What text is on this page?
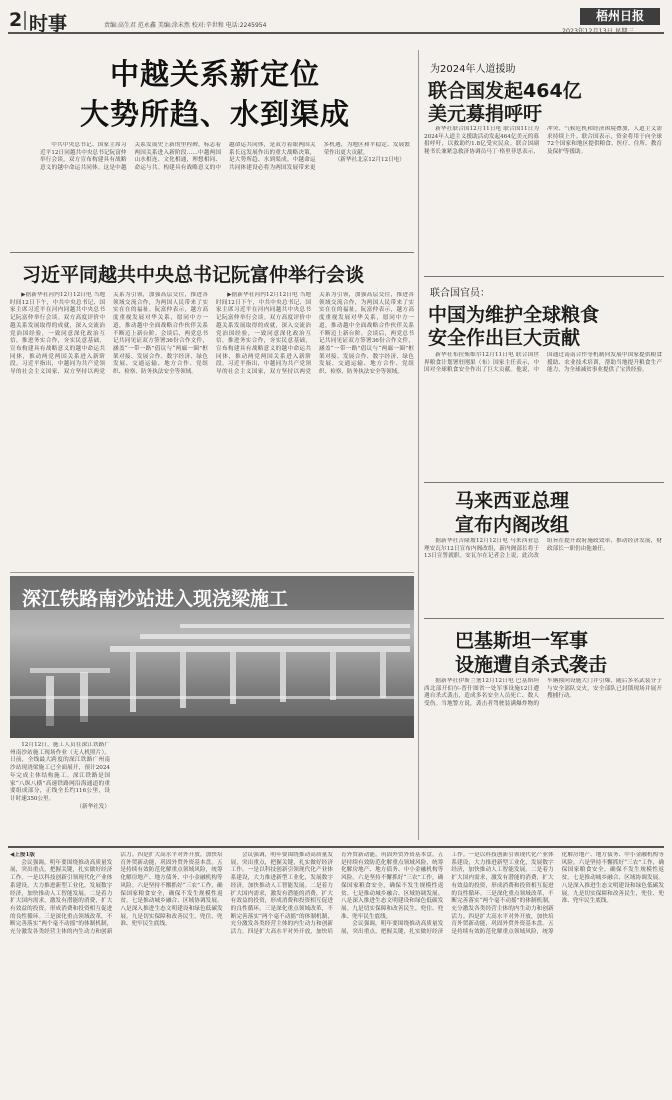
2 时事	责编:高生君 范永鑫 美编:涂未然 校对:辛世和 电话:2245954
梧州日报
2023年12月13日 星期三
中越关系新定位
大势所趋、水到渠成

中共中央总书记、国家主席习近平12日同越共中央总书记阮富仲举行会谈，双方宣布构建具有战略意义的越中命运共同体。这是中越关系发展史上新的里程碑，标志着两国关系进入新阶段……中越两国山水相连、文化相通，理想相同、命运与共。构建具有战略意义的中越命运共同体，是双方着眼两国关系长远发展作出的重大战略决策，是大势所趋、水到渠成。中越命运共同体建设必将为两国发展带来更多机遇，为地区和平稳定、发展繁荣作出更大贡献。

（新华社北京12月12日电）

习近平同越共中央总书记阮富仲举行会谈

▶据新华社河内12月12日电 当地时间12日下午，中共中央总书记、国家主席习近平在河内同越共中央总书记阮富仲举行会谈。双方高度评价中越关系发展取得的成就，深入交流治党治国经验，一致同意深化政治互信，推进务实合作，夯实民意基础，宣布构建具有战略意义的越中命运共同体，推动两党两国关系进入新阶段。习近平指出，中越同为共产党领导的社会主义国家，双方坚持以两党关系为引领，加强高层交往，推进各领域交流合作，为两国人民带来了实实在在的福祉。阮富仲表示，越方高度重视发展对华关系，愿同中方一道，推动越中全面战略合作伙伴关系不断迈上新台阶。会谈后，两党总书记共同见证双方签署36份合作文件，涵盖“一带一路”倡议与“两廊一圈”框架对接、发展合作、数字经济、绿色发展、交通运输、地方合作、党组织、检察、防务执法安全等领域。

▶据新华社河内12月12日电 当地时间12日下午，中共中央总书记、国家主席习近平在河内同越共中央总书记阮富仲举行会谈。双方高度评价中越关系发展取得的成就，深入交流治党治国经验，一致同意深化政治互信，推进务实合作，夯实民意基础，宣布构建具有战略意义的越中命运共同体，推动两党两国关系进入新阶段。习近平指出，中越同为共产党领导的社会主义国家，双方坚持以两党关系为引领，加强高层交往，推进各领域交流合作，为两国人民带来了实实在在的福祉。阮富仲表示，越方高度重视发展对华关系，愿同中方一道，推动越中全面战略合作伙伴关系不断迈上新台阶。会谈后，两党总书记共同见证双方签署36份合作文件，涵盖“一带一路”倡议与“两廊一圈”框架对接、发展合作、数字经济、绿色发展、交通运输、地方合作、党组织、检察、防务执法安全等领域。

深江铁路南沙站进入现浇梁施工

12月12日，施工人员在深江铁路广州南沙站施工现场作业（无人机照片）。日前，全线最大跨度的深江铁路广州南沙站现浇梁施工已全面展开，预计2024年完成主体结构施工。深江铁路是国家“八纵八横”高速铁路网沿海通道的重要组成部分，正线全长约116公里，设计时速350公里。

（新华社发）

为2024年人道援助
联合国发起464亿
美元募捐呼吁

新华社联合国12月11日电 联合国11日为2024年人道主义援助活动发起464亿美元的募捐呼吁，以救助约1.8亿受灾民众。联合国副秘书长兼紧急救济协调员马丁·格里菲思表示，冲突、气候危机和经济困境叠加，人道主义需求持续上升。联合国表示，资金将用于向全球72个国家和地区提供粮食、医疗、住所、教育及保护等援助。

联合国官员：
中国为维护全球粮食
安全作出巨大贡献

新华社布拉柴维尔12月11日电 联合国世界粮食计划署驻刚果（布）国家主任表示，中国对全球粮食安全作出了巨大贡献。他说，中国通过南南合作等机制向发展中国家提供粮食援助、农业技术培训，帮助当地提升粮食生产能力，为全球减贫事业提供了宝贵经验。

马来西亚总理
宣布内阁改组

据新华社吉隆坡12月12日电 马来西亚总理安瓦尔12日宣布内阁改组，新内阁部长将于13日宣誓就职。安瓦尔在记者会上说，此次改组旨在提升政府施政效率，推动经济发展，财政部长一职仍由他兼任。

巴基斯坦一军事
设施遭自杀式袭击

据新华社伊斯兰堡12月12日电 巴基斯坦西北部开伯尔-普什图省一处军事设施12日遭遇自杀式袭击，造成多名安全人员死亡、数人受伤。当地警方说，袭击者驾驶装满爆炸物的车辆撞向设施大门并引爆，随后多名武装分子与安全部队交火，安全部队已封锁现场并展开搜捕行动。

◀上接1版

会议强调，明年要围绕推动高质量发展，突出重点，把握关键，扎实做好经济工作。一是以科技创新引领现代化产业体系建设，大力推进新型工业化，发展数字经济，加快推动人工智能发展。二是着力扩大国内需求，激发有潜能的消费，扩大有效益的投资，形成消费和投资相互促进的良性循环。三是深化重点领域改革，不断完善落实“两个毫不动摇”的体制机制，充分激发各类经营主体的内生动力和创新活力。四是扩大高水平对外开放，加快培育外贸新动能，巩固外贸外资基本盘。五是持续有效防范化解重点领域风险，统筹化解房地产、地方债务、中小金融机构等风险。六是坚持不懈抓好“三农”工作，确保国家粮食安全，确保不发生规模性返贫。七是推动城乡融合、区域协调发展。八是深入推进生态文明建设和绿色低碳发展。九是切实保障和改善民生，兜住、兜准、兜牢民生底线。

会议强调，明年要围绕推动高质量发展，突出重点，把握关键，扎实做好经济工作。一是以科技创新引领现代化产业体系建设，大力推进新型工业化，发展数字经济，加快推动人工智能发展。二是着力扩大国内需求，激发有潜能的消费，扩大有效益的投资，形成消费和投资相互促进的良性循环。三是深化重点领域改革，不断完善落实“两个毫不动摇”的体制机制，充分激发各类经营主体的内生动力和创新活力。四是扩大高水平对外开放，加快培育外贸新动能，巩固外贸外资基本盘。五是持续有效防范化解重点领域风险，统筹化解房地产、地方债务、中小金融机构等风险。六是坚持不懈抓好“三农”工作，确保国家粮食安全，确保不发生规模性返贫。七是推动城乡融合、区域协调发展。八是深入推进生态文明建设和绿色低碳发展。九是切实保障和改善民生，兜住、兜准、兜牢民生底线。

会议强调，明年要围绕推动高质量发展，突出重点，把握关键，扎实做好经济工作。一是以科技创新引领现代化产业体系建设，大力推进新型工业化，发展数字经济，加快推动人工智能发展。二是着力扩大国内需求，激发有潜能的消费，扩大有效益的投资，形成消费和投资相互促进的良性循环。三是深化重点领域改革，不断完善落实“两个毫不动摇”的体制机制，充分激发各类经营主体的内生动力和创新活力。四是扩大高水平对外开放，加快培育外贸新动能，巩固外贸外资基本盘。五是持续有效防范化解重点领域风险，统筹化解房地产、地方债务、中小金融机构等风险。六是坚持不懈抓好“三农”工作，确保国家粮食安全，确保不发生规模性返贫。七是推动城乡融合、区域协调发展。八是深入推进生态文明建设和绿色低碳发展。九是切实保障和改善民生，兜住、兜准、兜牢民生底线。
